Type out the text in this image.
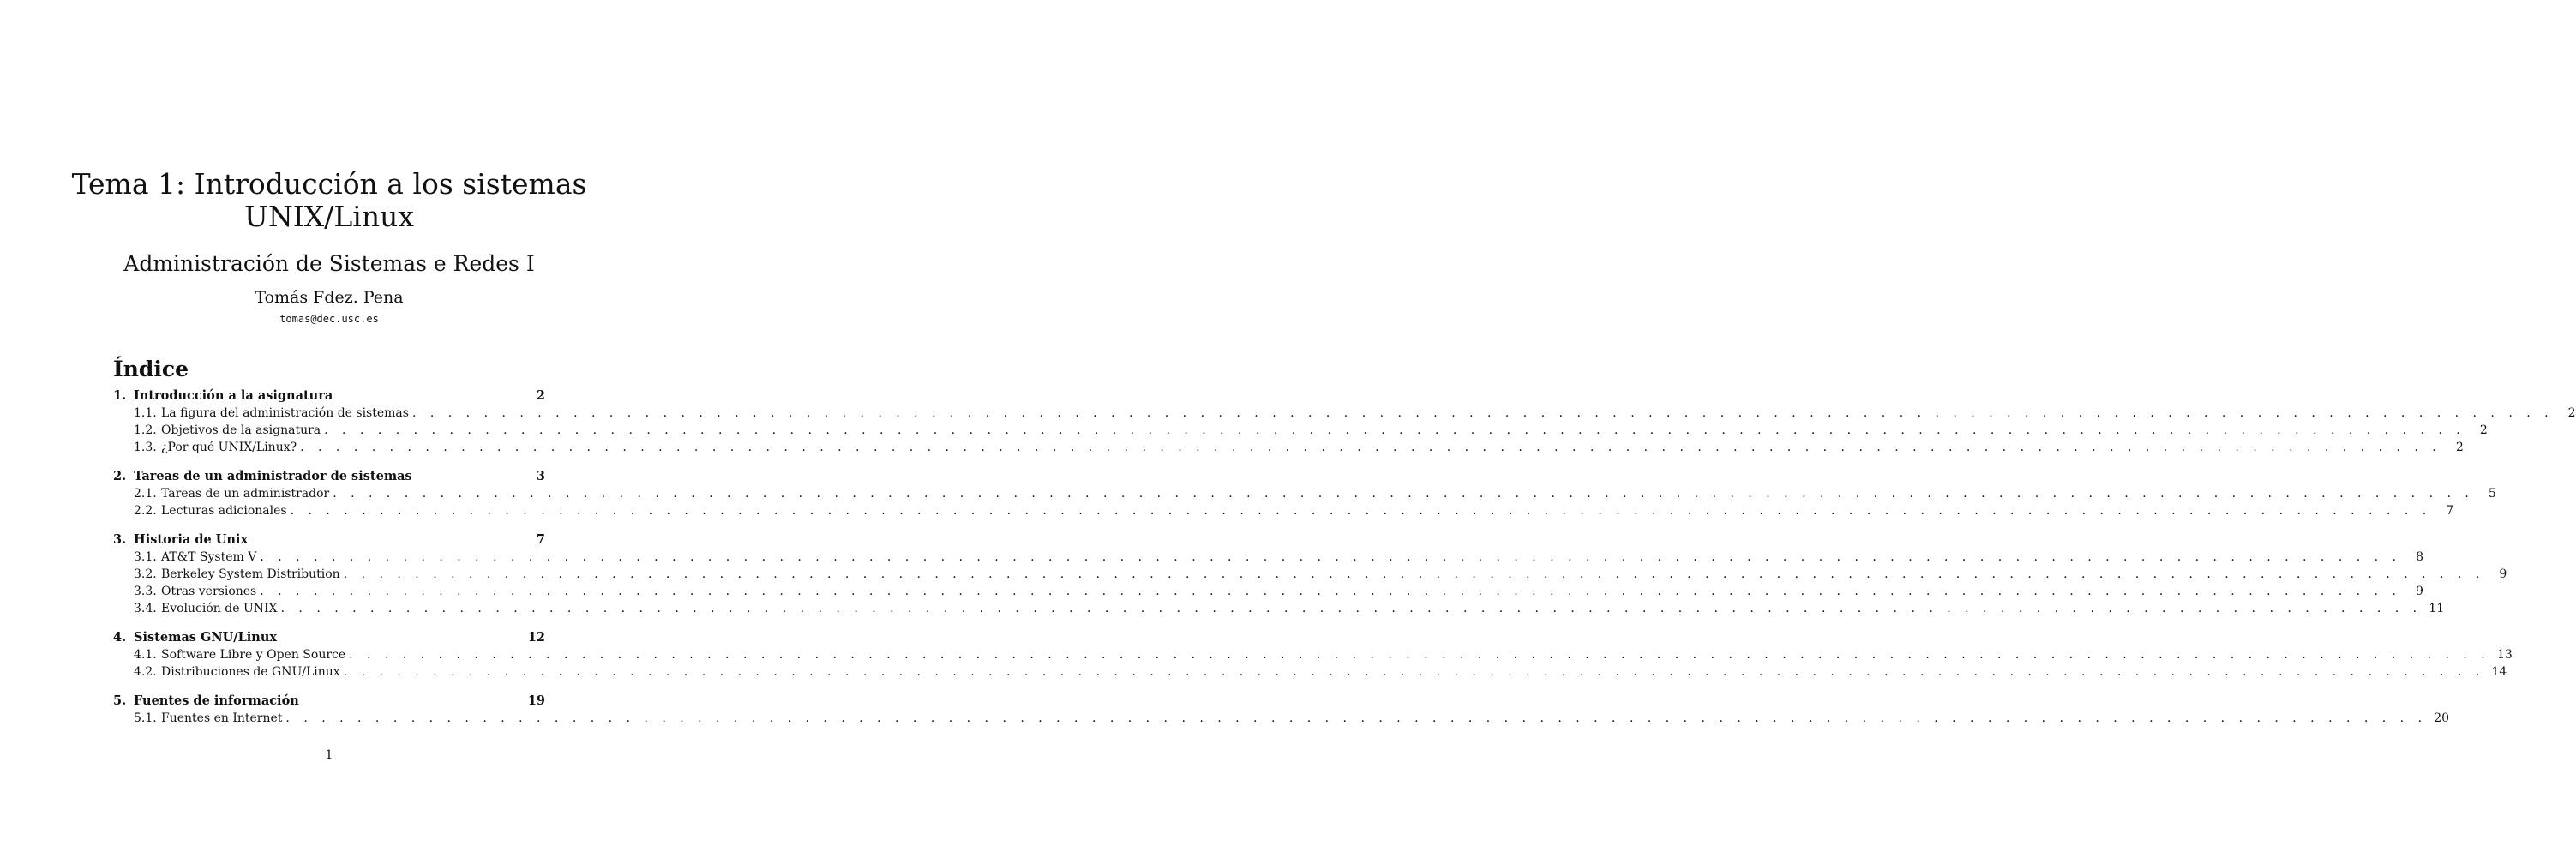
Tema 1: Introducción a los sistemas
UNIX/Linux
Administración de Sistemas e Redes I
Tomás Fdez. Pena
tomas@dec.usc.es
Índice
1. Introducción a la asignatura	2
1.1. La figura del administración de sistemas . . . . . . . . . . . . . . . . . . . . . . . . . . . . . . . . . . . . . . . . . . . . . . . . . . . . . . . . . . . . . . . . . . . . . . . . . . . . . . . . . . . . . . . . . . . . . . . . . . . . . . . . . . . . . . . . . . . . . . . .	2
1.2. Objetivos de la asignatura . . . . . . . . . . . . . . . . . . . . . . . . . . . . . . . . . . . . . . . . . . . . . . . . . . . . . . . . . . . . . . . . . . . . . . . . . . . . . . . . . . . . . . . . . . . . . . . . . . . . . . . . . . . . . . . . . . . . . . . .	2
1.3. ¿Por qué UNIX/Linux? . . . . . . . . . . . . . . . . . . . . . . . . . . . . . . . . . . . . . . . . . . . . . . . . . . . . . . . . . . . . . . . . . . . . . . . . . . . . . . . . . . . . . . . . . . . . . . . . . . . . . . . . . . . . . . . . . . . . . . . .	2
2. Tareas de un administrador de sistemas	3
2.1. Tareas de un administrador . . . . . . . . . . . . . . . . . . . . . . . . . . . . . . . . . . . . . . . . . . . . . . . . . . . . . . . . . . . . . . . . . . . . . . . . . . . . . . . . . . . . . . . . . . . . . . . . . . . . . . . . . . . . . . . . . . . . . . . .	5
2.2. Lecturas adicionales . . . . . . . . . . . . . . . . . . . . . . . . . . . . . . . . . . . . . . . . . . . . . . . . . . . . . . . . . . . . . . . . . . . . . . . . . . . . . . . . . . . . . . . . . . . . . . . . . . . . . . . . . . . . . . . . . . . . . . . .	7
3. Historia de Unix	7
3.1. AT&T System V . . . . . . . . . . . . . . . . . . . . . . . . . . . . . . . . . . . . . . . . . . . . . . . . . . . . . . . . . . . . . . . . . . . . . . . . . . . . . . . . . . . . . . . . . . . . . . . . . . . . . . . . . . . . . . . . . . . . . . . .	8
3.2. Berkeley System Distribution . . . . . . . . . . . . . . . . . . . . . . . . . . . . . . . . . . . . . . . . . . . . . . . . . . . . . . . . . . . . . . . . . . . . . . . . . . . . . . . . . . . . . . . . . . . . . . . . . . . . . . . . . . . . . . . . . . . . . . . .	9
3.3. Otras versiones . . . . . . . . . . . . . . . . . . . . . . . . . . . . . . . . . . . . . . . . . . . . . . . . . . . . . . . . . . . . . . . . . . . . . . . . . . . . . . . . . . . . . . . . . . . . . . . . . . . . . . . . . . . . . . . . . . . . . . . .	9
3.4. Evolución de UNIX . . . . . . . . . . . . . . . . . . . . . . . . . . . . . . . . . . . . . . . . . . . . . . . . . . . . . . . . . . . . . . . . . . . . . . . . . . . . . . . . . . . . . . . . . . . . . . . . . . . . . . . . . . . . . . . . . . . . . . . . 11
4. Sistemas GNU/Linux	12
4.1. Software Libre y Open Source . . . . . . . . . . . . . . . . . . . . . . . . . . . . . . . . . . . . . . . . . . . . . . . . . . . . . . . . . . . . . . . . . . . . . . . . . . . . . . . . . . . . . . . . . . . . . . . . . . . . . . . . . . . . . . . . . . . . . . . . 13
4.2. Distribuciones de GNU/Linux . . . . . . . . . . . . . . . . . . . . . . . . . . . . . . . . . . . . . . . . . . . . . . . . . . . . . . . . . . . . . . . . . . . . . . . . . . . . . . . . . . . . . . . . . . . . . . . . . . . . . . . . . . . . . . . . . . . . . . . . 14
5. Fuentes de información	19
5.1. Fuentes en Internet . . . . . . . . . . . . . . . . . . . . . . . . . . . . . . . . . . . . . . . . . . . . . . . . . . . . . . . . . . . . . . . . . . . . . . . . . . . . . . . . . . . . . . . . . . . . . . . . . . . . . . . . . . . . . . . . . . . . . . . . 20
1
